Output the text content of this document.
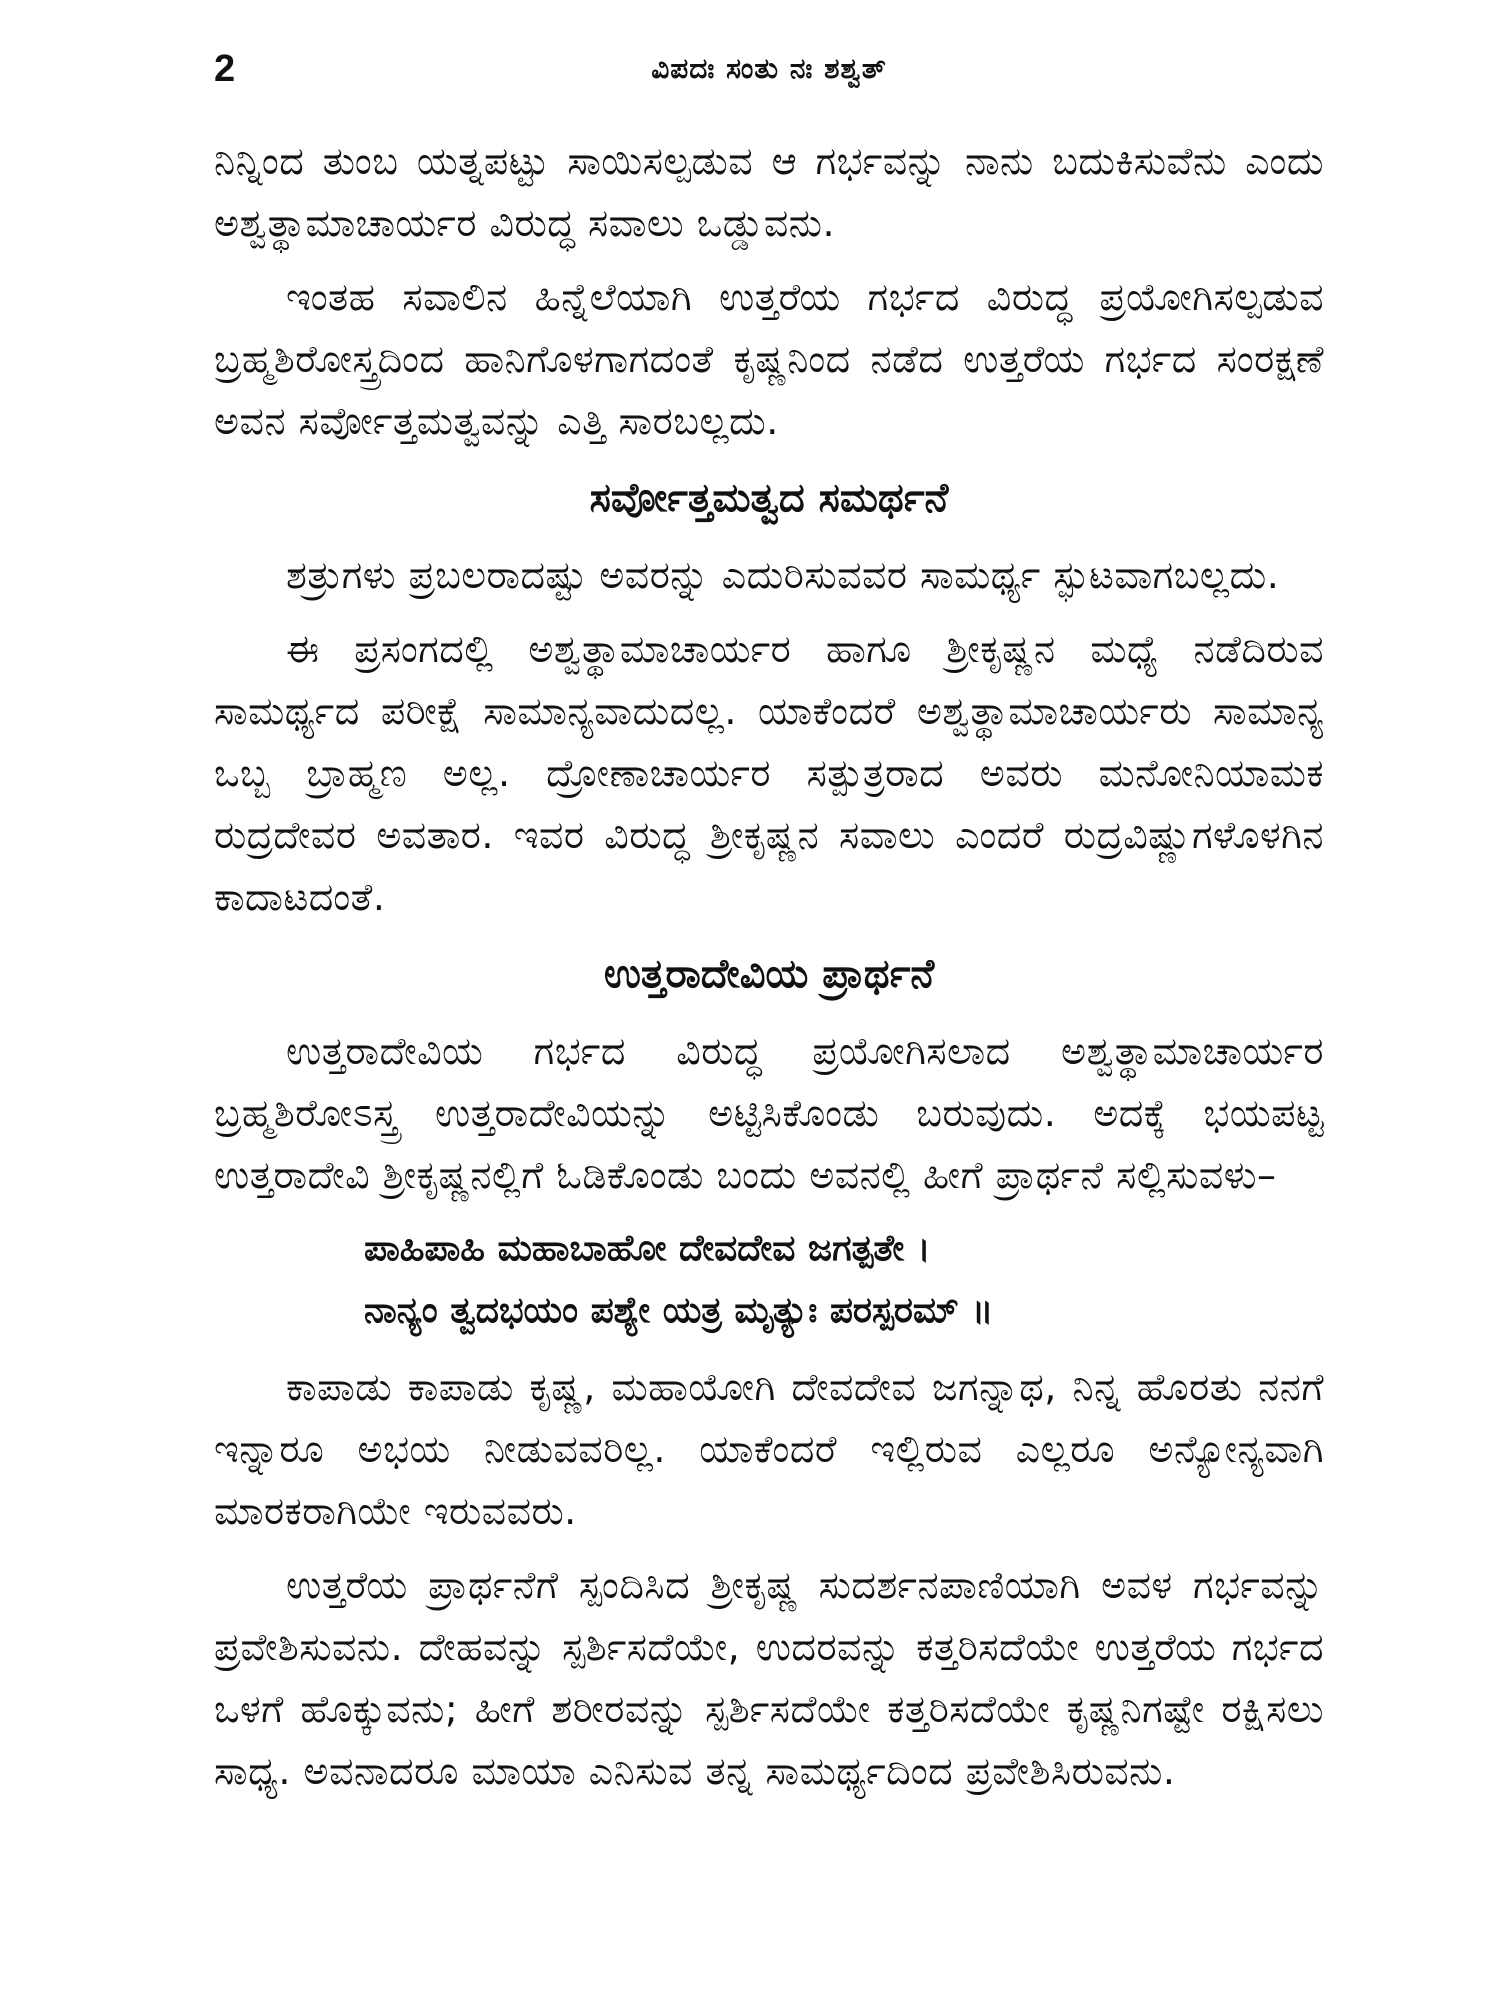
2	ವಿಪದಃ ಸಂತು ನಃ ಶಶ್ವತ್

ನಿನ್ನಿಂದ ತುಂಬ ಯತ್ನಪಟ್ಟು ಸಾಯಿಸಲ್ಪಡುವ ಆ ಗರ್ಭವನ್ನು ನಾನು ಬದುಕಿಸುವೆನು ಎಂದು ಅಶ್ವತ್ಥಾಮಾಚಾರ್ಯರ ವಿರುದ್ಧ ಸವಾಲು ಒಡ್ಡುವನು.

ಇಂತಹ ಸವಾಲಿನ ಹಿನ್ನೆಲೆಯಾಗಿ ಉತ್ತರೆಯ ಗರ್ಭದ ವಿರುದ್ಧ ಪ್ರಯೋಗಿಸಲ್ಪಡುವ ಬ್ರಹ್ಮಶಿರೋಸ್ತ್ರದಿಂದ ಹಾನಿಗೊಳಗಾಗದಂತೆ ಕೃಷ್ಣನಿಂದ ನಡೆದ ಉತ್ತರೆಯ ಗರ್ಭದ ಸಂರಕ್ಷಣೆ ಅವನ ಸರ್ವೋತ್ತಮತ್ವವನ್ನು ಎತ್ತಿ ಸಾರಬಲ್ಲದು.

ಸರ್ವೋತ್ತಮತ್ವದ ಸಮರ್ಥನೆ

ಶತ್ರುಗಳು ಪ್ರಬಲರಾದಷ್ಟು ಅವರನ್ನು ಎದುರಿಸುವವರ ಸಾಮರ್ಥ್ಯ ಸ್ಫುಟವಾಗಬಲ್ಲದು.

ಈ ಪ್ರಸಂಗದಲ್ಲಿ ಅಶ್ವತ್ಥಾಮಾಚಾರ್ಯರ ಹಾಗೂ ಶ್ರೀಕೃಷ್ಣನ ಮಧ್ಯೆ ನಡೆದಿರುವ ಸಾಮರ್ಥ್ಯದ ಪರೀಕ್ಷೆ ಸಾಮಾನ್ಯವಾದುದಲ್ಲ. ಯಾಕೆಂದರೆ ಅಶ್ವತ್ಥಾಮಾಚಾರ್ಯರು ಸಾಮಾನ್ಯ ಒಬ್ಬ ಬ್ರಾಹ್ಮಣ ಅಲ್ಲ. ದ್ರೋಣಾಚಾರ್ಯರ ಸತ್ಪುತ್ರರಾದ ಅವರು ಮನೋನಿಯಾಮಕ ರುದ್ರದೇವರ ಅವತಾರ. ಇವರ ವಿರುದ್ಧ ಶ್ರೀಕೃಷ್ಣನ ಸವಾಲು ಎಂದರೆ ರುದ್ರವಿಷ್ಣುಗಳೊಳಗಿನ ಕಾದಾಟದಂತೆ.

ಉತ್ತರಾದೇವಿಯ ಪ್ರಾರ್ಥನೆ

ಉತ್ತರಾದೇವಿಯ ಗರ್ಭದ ವಿರುದ್ಧ ಪ್ರಯೋಗಿಸಲಾದ ಅಶ್ವತ್ಥಾಮಾಚಾರ್ಯರ ಬ್ರಹ್ಮಶಿರೋಽಸ್ತ್ರ ಉತ್ತರಾದೇವಿಯನ್ನು ಅಟ್ಟಿಸಿಕೊಂಡು ಬರುವುದು. ಅದಕ್ಕೆ ಭಯಪಟ್ಟ ಉತ್ತರಾದೇವಿ ಶ್ರೀಕೃಷ್ಣನಲ್ಲಿಗೆ ಓಡಿಕೊಂಡು ಬಂದು ಅವನಲ್ಲಿ ಹೀಗೆ ಪ್ರಾರ್ಥನೆ ಸಲ್ಲಿಸುವಳು–

ಪಾಹಿಪಾಹಿ ಮಹಾಬಾಹೋ ದೇವದೇವ ಜಗತ್ಪತೇ ।
ನಾನ್ಯಂ ತ್ವದಭಯಂ ಪಶ್ಯೇ ಯತ್ರ ಮೃತ್ಯುಃ ಪರಸ್ಪರಮ್ ॥

ಕಾಪಾಡು ಕಾಪಾಡು ಕೃಷ್ಣ, ಮಹಾಯೋಗಿ ದೇವದೇವ ಜಗನ್ನಾಥ, ನಿನ್ನ ಹೊರತು ನನಗೆ ಇನ್ನಾರೂ ಅಭಯ ನೀಡುವವರಿಲ್ಲ. ಯಾಕೆಂದರೆ ಇಲ್ಲಿರುವ ಎಲ್ಲರೂ ಅನ್ಯೋನ್ಯವಾಗಿ ಮಾರಕರಾಗಿಯೇ ಇರುವವರು.

ಉತ್ತರೆಯ ಪ್ರಾರ್ಥನೆಗೆ ಸ್ಪಂದಿಸಿದ ಶ್ರೀಕೃಷ್ಣ ಸುದರ್ಶನಪಾಣಿಯಾಗಿ ಅವಳ ಗರ್ಭವನ್ನು ಪ್ರವೇಶಿಸುವನು. ದೇಹವನ್ನು ಸ್ಪರ್ಶಿಸದೆಯೇ, ಉದರವನ್ನು ಕತ್ತರಿಸದೆಯೇ ಉತ್ತರೆಯ ಗರ್ಭದ ಒಳಗೆ ಹೊಕ್ಕುವನು; ಹೀಗೆ ಶರೀರವನ್ನು ಸ್ಪರ್ಶಿಸದೆಯೇ ಕತ್ತರಿಸದೆಯೇ ಕೃಷ್ಣನಿಗಷ್ಟೇ ರಕ್ಷಿಸಲು ಸಾಧ್ಯ. ಅವನಾದರೂ ಮಾಯಾ ಎನಿಸುವ ತನ್ನ ಸಾಮರ್ಥ್ಯದಿಂದ ಪ್ರವೇಶಿಸಿರುವನು.
